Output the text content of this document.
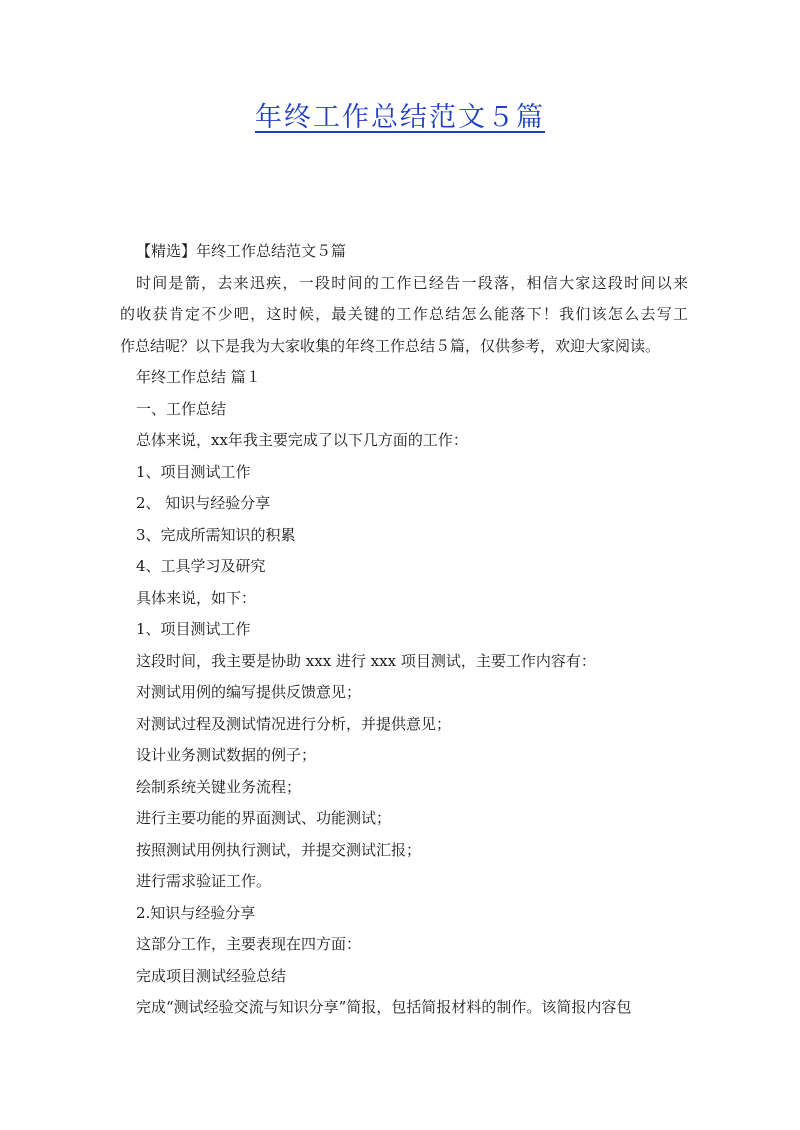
年终工作总结范文５篇

【精选】年终工作总结范文５篇

时间是箭，去来迅疾，一段时间的工作已经告一段落，相信大家这段时间以来

的收获肯定不少吧，这时候，最关键的工作总结怎么能落下！我们该怎么去写工

作总结呢？以下是我为大家收集的年终工作总结５篇，仅供参考，欢迎大家阅读。

年终工作总结 篇１

一、工作总结

总体来说，xx年我主要完成了以下几方面的工作：

1、项目测试工作

2、 知识与经验分享

3、完成所需知识的积累

4、工具学习及研究

具体来说，如下：

1、项目测试工作

这段时间，我主要是协助 xxx 进行 xxx 项目测试，主要工作内容有：

对测试用例的编写提供反馈意见；

对测试过程及测试情况进行分析，并提供意见；

设计业务测试数据的例子；

绘制系统关键业务流程；

进行主要功能的界面测试、功能测试；

按照测试用例执行测试，并提交测试汇报；

进行需求验证工作。

2.知识与经验分享

这部分工作，主要表现在四方面：

完成项目测试经验总结

完成“测试经验交流与知识分享”简报，包括简报材料的制作。该简报内容包
